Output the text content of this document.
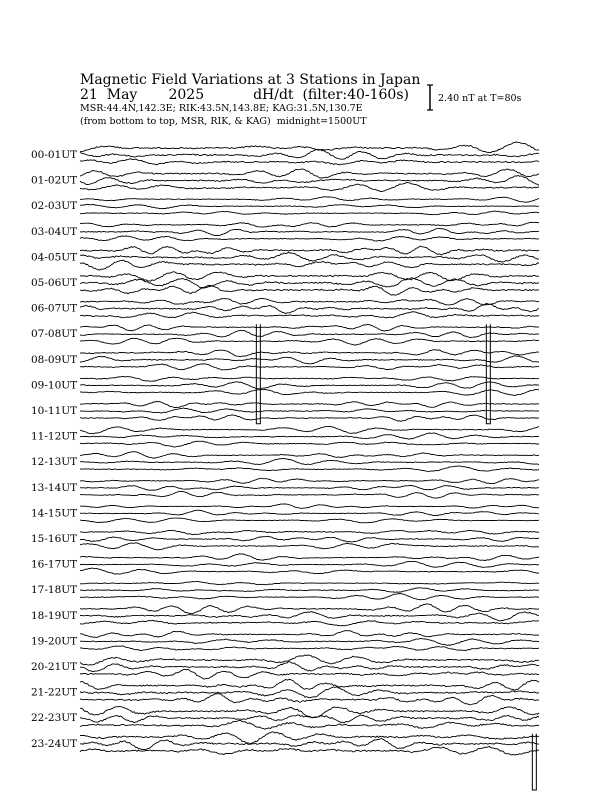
Magnetic Field Variations at 3 Stations in Japan

21 May 2025	dH/dt (filter:40-160s)

MSR:44.4N,142.3E; RIK:43.5N,143.8E; KAG:31.5N,130.7E

(from bottom to top, MSR, RIK, & KAG) midnight=1500UT

2.40 nT at T=80s
00-01UT
01-02UT
02-03UT
03-04UT
04-05UT
05-06UT
06-07UT
07-08UT
08-09UT
09-10UT
10-11UT
11-12UT
12-13UT
13-14UT
14-15UT
15-16UT
16-17UT
17-18UT
18-19UT
19-20UT
20-21UT
21-22UT
22-23UT
23-24UT
